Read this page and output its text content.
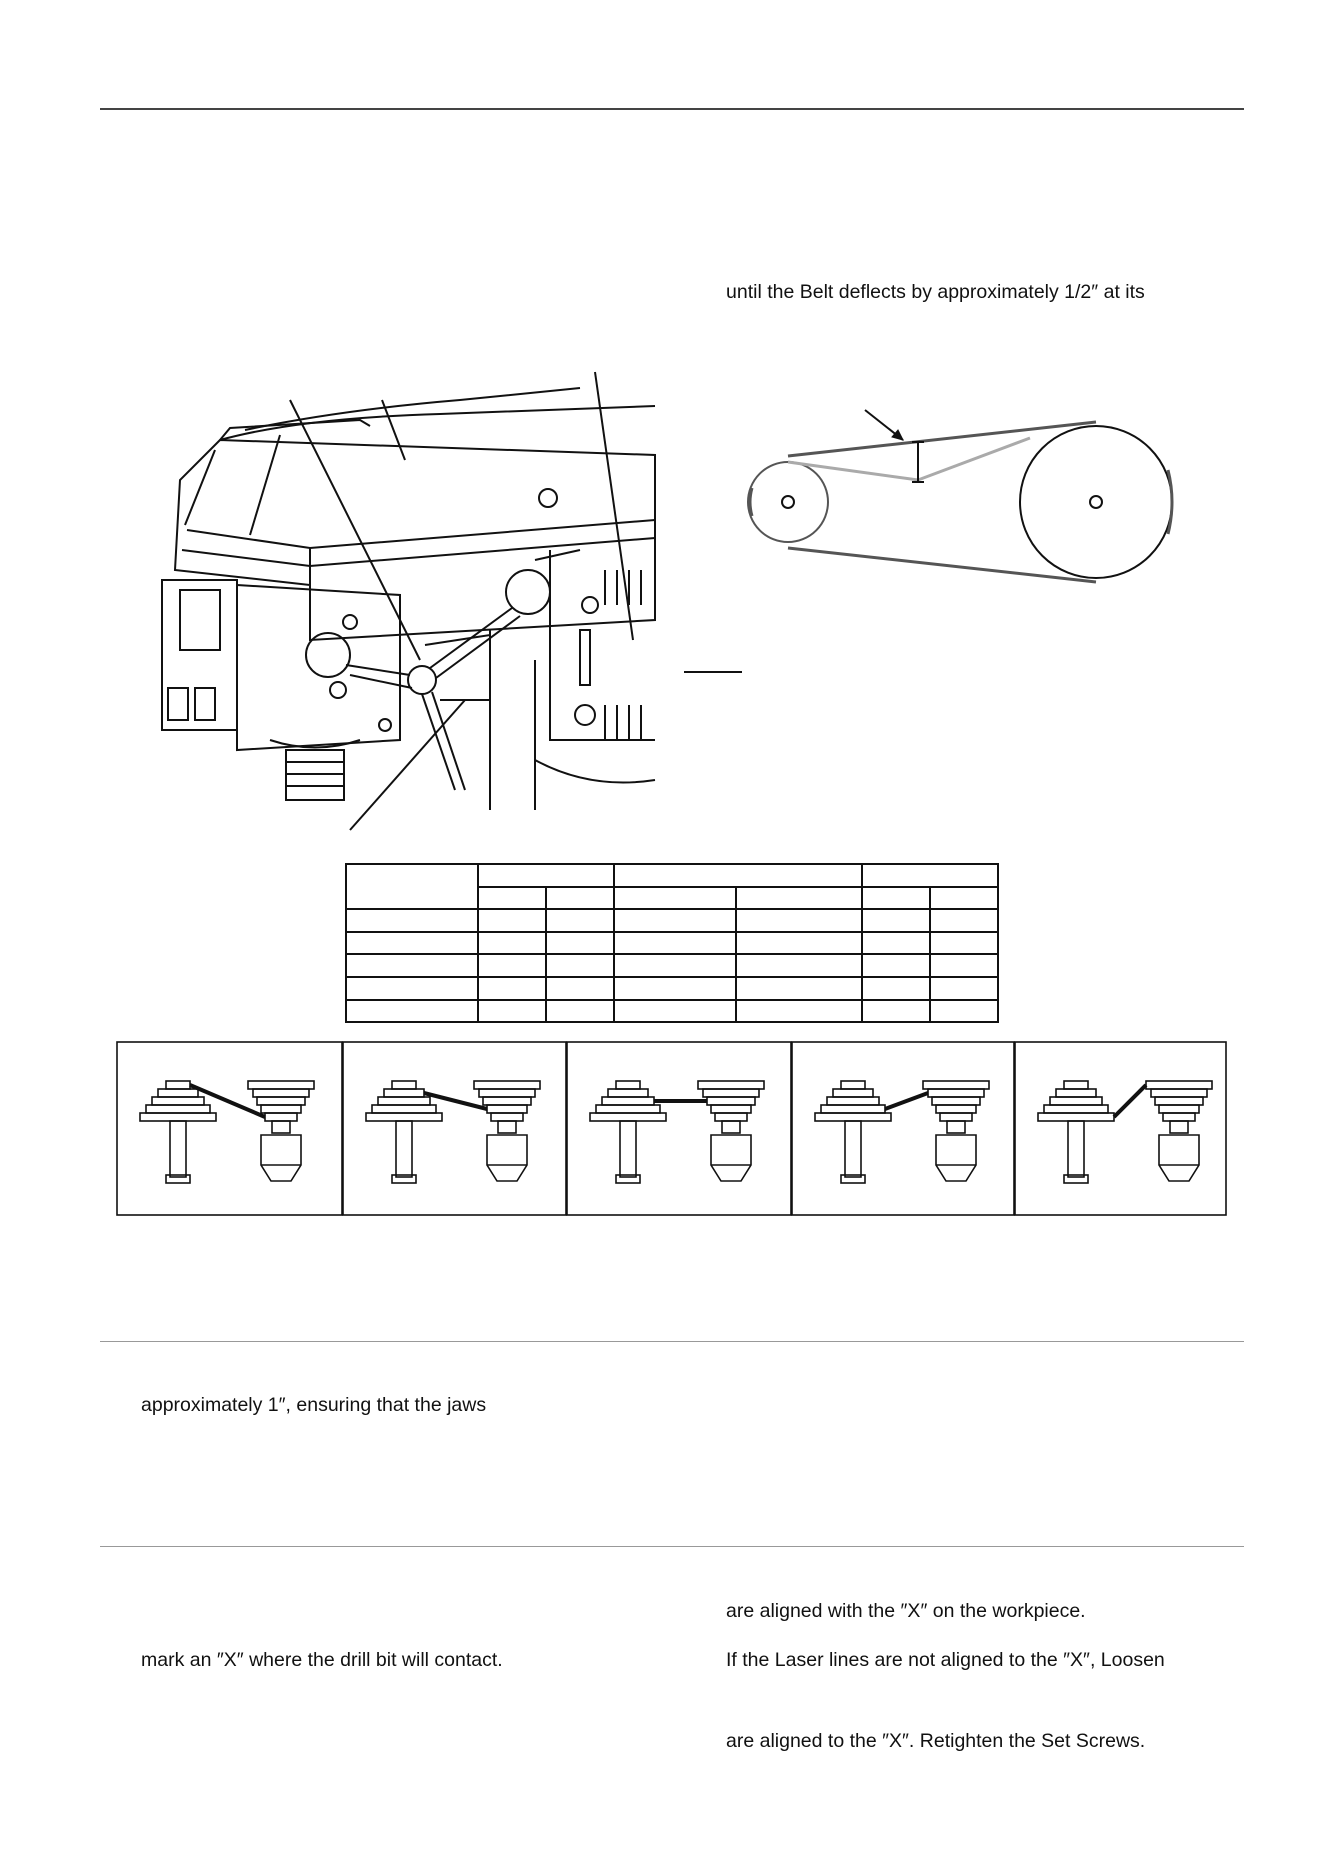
until the Belt deflects by approximately 1/2″ at its
approximately 1″, ensuring that the jaws
are aligned with the ″X″ on the workpiece.
mark an ″X″ where the drill bit will contact.	If the Laser lines are not aligned to the ″X″, Loosen
are aligned to the ″X″. Retighten the Set Screws.
